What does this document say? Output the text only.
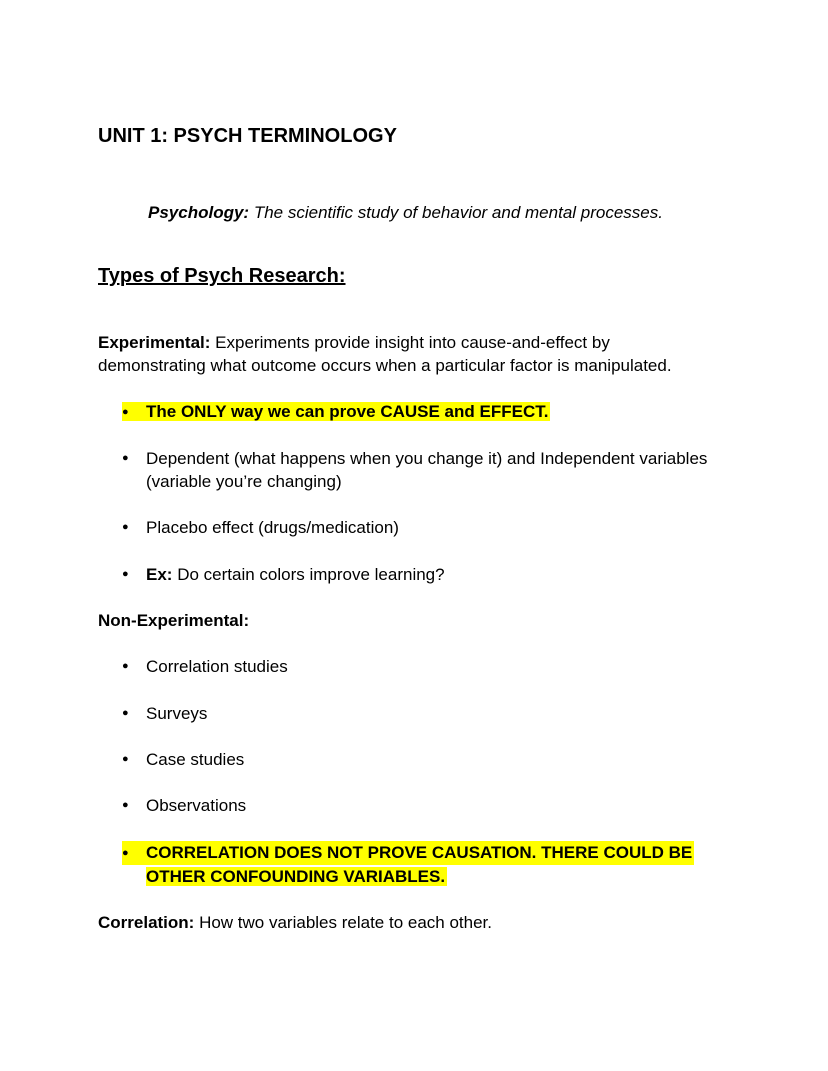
UNIT 1: PSYCH TERMINOLOGY
Psychology: The scientific study of behavior and mental processes.
Types of Psych Research:
Experimental: Experiments provide insight into cause-and-effect by
demonstrating what outcome occurs when a particular factor is manipulated.
● The ONLY way we can prove CAUSE and EFFECT.
●	Dependent (what happens when you change it) and Independent variables
(variable you’re changing)
●	Placebo effect (drugs/medication)
●	Ex: Do certain colors improve learning?
Non-Experimental:
●	Correlation studies
●	Surveys
●	Case studies
●	Observations
● CORRELATION DOES NOT PROVE CAUSATION. THERE COULD BE
OTHER CONFOUNDING VARIABLES.
Correlation: How two variables relate to each other.
